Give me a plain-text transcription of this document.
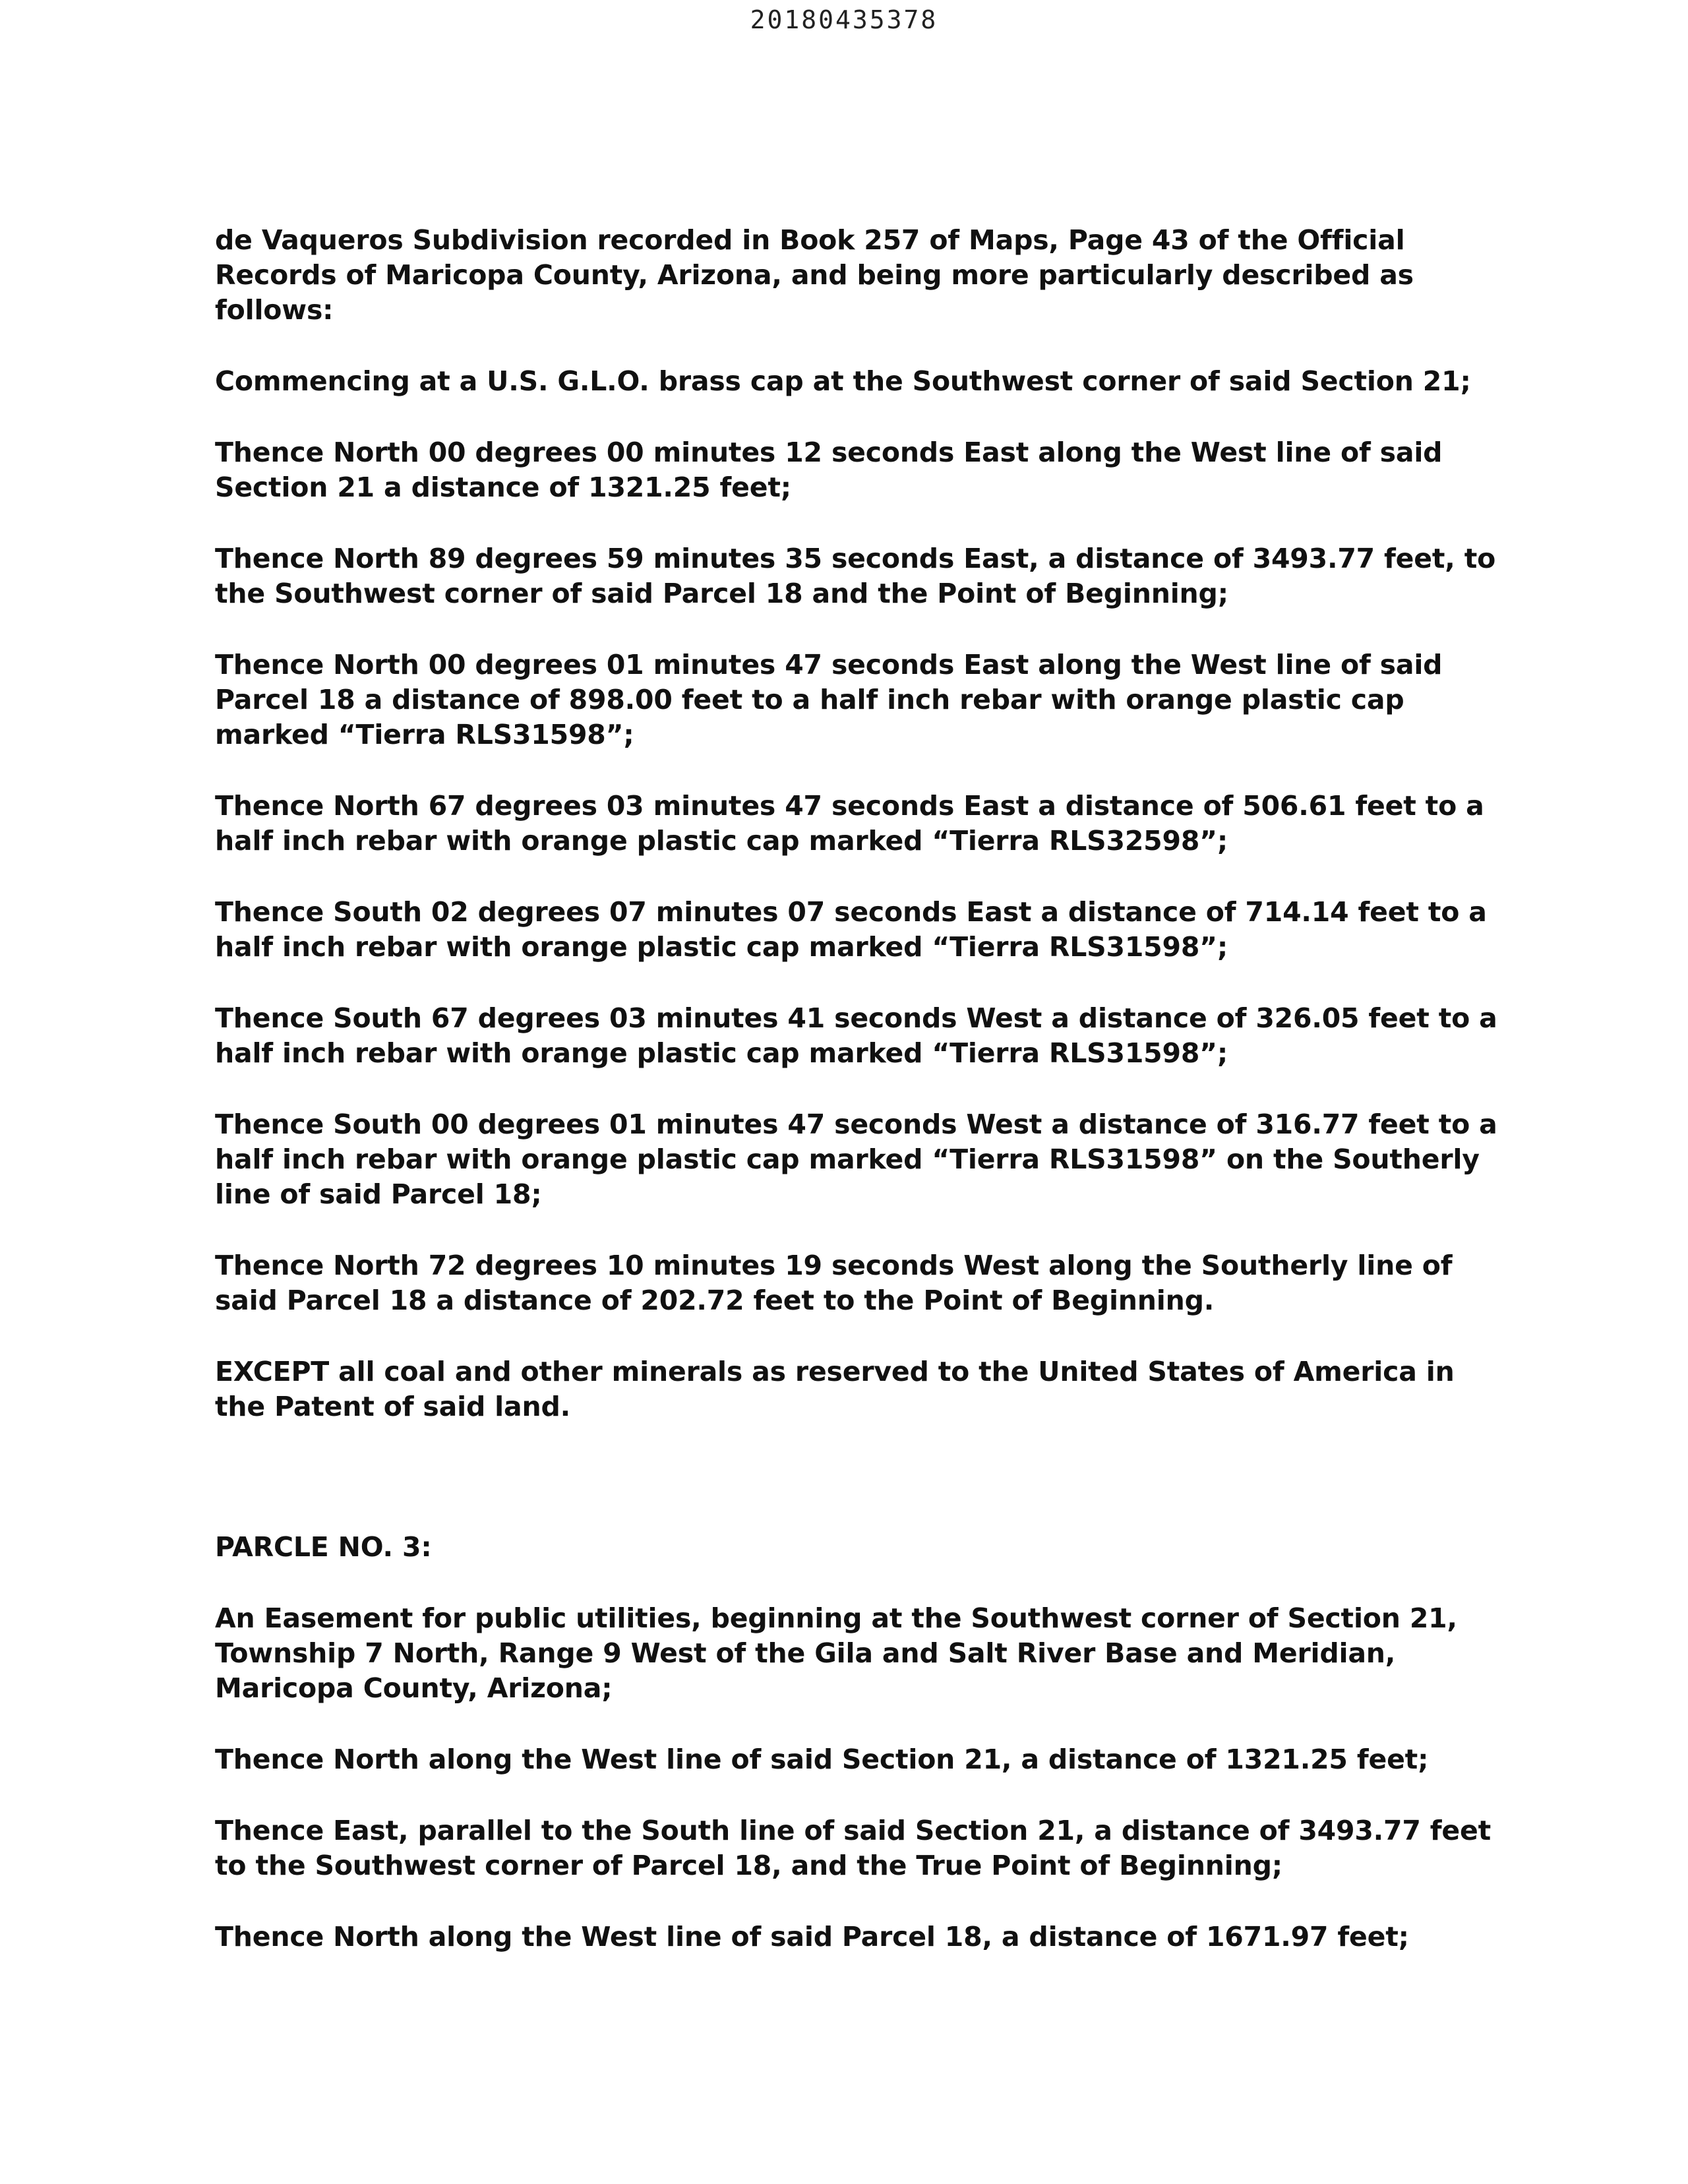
20180435378

de Vaqueros Subdivision recorded in Book 257 of Maps, Page 43 of the Official Records of Maricopa County, Arizona, and being more particularly described as follows:

Commencing at a U.S. G.L.O. brass cap at the Southwest corner of said Section 21;

Thence North 00 degrees 00 minutes 12 seconds East along the West line of said Section 21 a distance of 1321.25 feet;

Thence North 89 degrees 59 minutes 35 seconds East, a distance of 3493.77 feet, to the Southwest corner of said Parcel 18 and the Point of Beginning;

Thence North 00 degrees 01 minutes 47 seconds East along the West line of said Parcel 18 a distance of 898.00 feet to a half inch rebar with orange plastic cap marked “Tierra RLS31598”;

Thence North 67 degrees 03 minutes 47 seconds East a distance of 506.61 feet to a half inch rebar with orange plastic cap marked “Tierra RLS32598”;

Thence South 02 degrees 07 minutes 07 seconds East a distance of 714.14 feet to a half inch rebar with orange plastic cap marked “Tierra RLS31598”;

Thence South 67 degrees 03 minutes 41 seconds West a distance of 326.05 feet to a half inch rebar with orange plastic cap marked “Tierra RLS31598”;

Thence South 00 degrees 01 minutes 47 seconds West a distance of 316.77 feet to a half inch rebar with orange plastic cap marked “Tierra RLS31598” on the Southerly line of said Parcel 18;

Thence North 72 degrees 10 minutes 19 seconds West along the Southerly line of said Parcel 18 a distance of 202.72 feet to the Point of Beginning.

EXCEPT all coal and other minerals as reserved to the United States of America in the Patent of said land.

PARCLE NO. 3:

An Easement for public utilities, beginning at the Southwest corner of Section 21, Township 7 North, Range 9 West of the Gila and Salt River Base and Meridian, Maricopa County, Arizona;

Thence North along the West line of said Section 21, a distance of 1321.25 feet;

Thence East, parallel to the South line of said Section 21, a distance of 3493.77 feet to the Southwest corner of Parcel 18, and the True Point of Beginning;

Thence North along the West line of said Parcel 18, a distance of 1671.97 feet;
